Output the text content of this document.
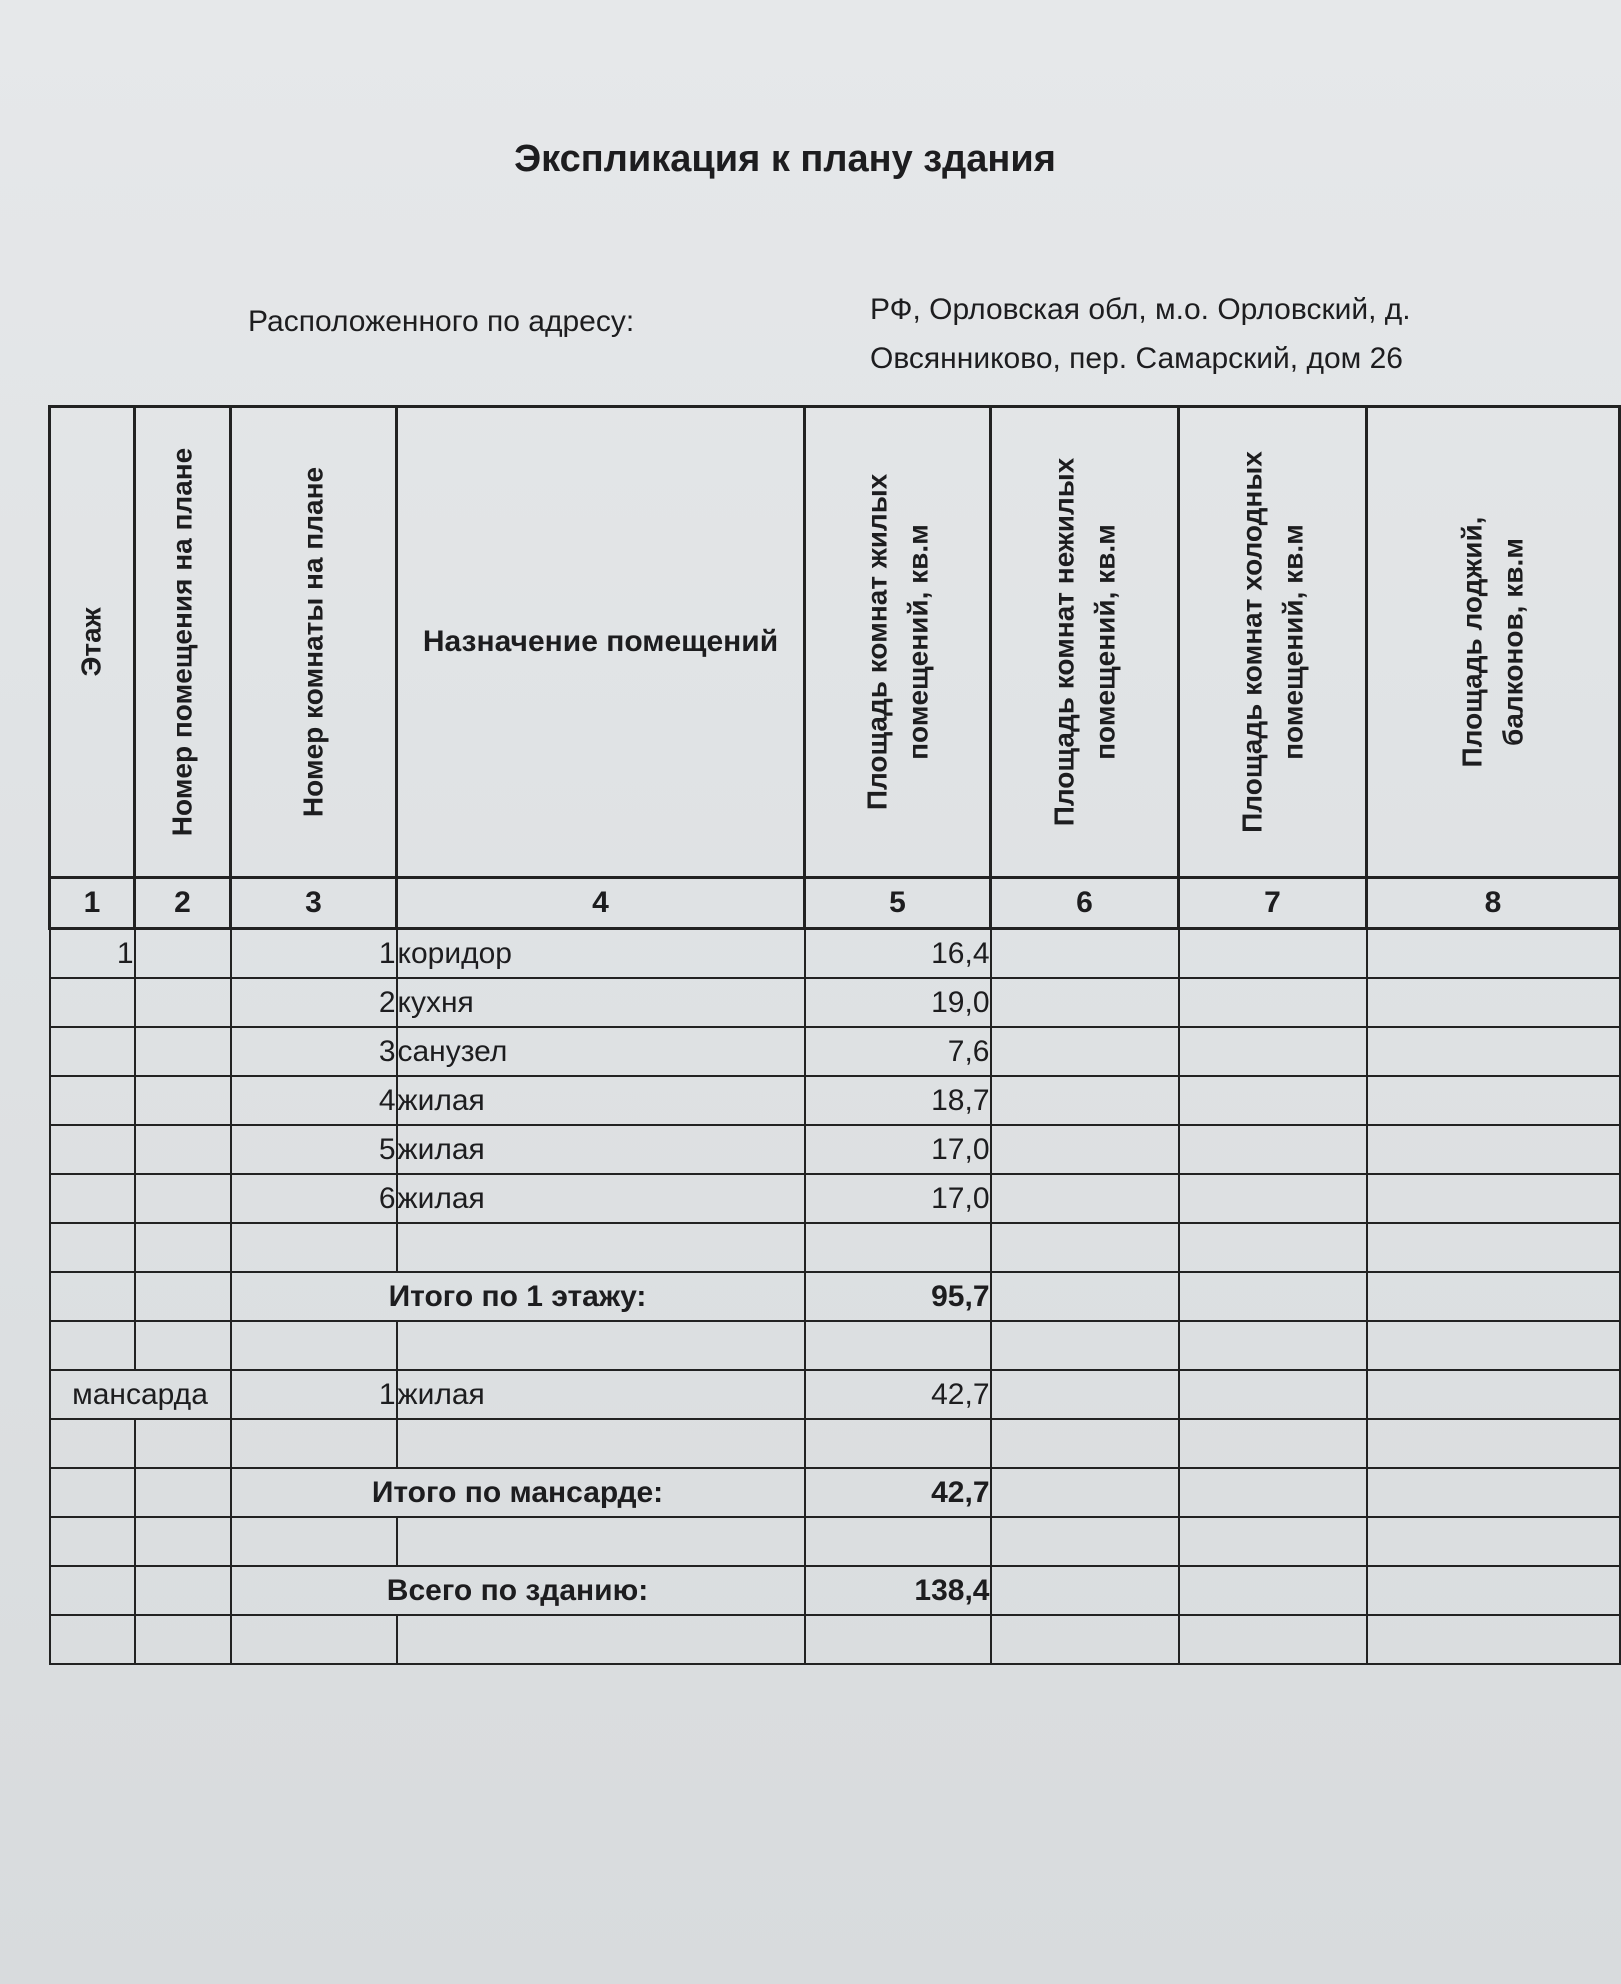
Экспликация к плану здания
Расположенного по адресу:	РФ, Орловская обл, м.о. Орловский, д.
Овсянниково, пер. Самарский, дом 26
Этаж	Номер помещения на плане	Номер комнаты на плане	Назначение помещений	Площадь комнат жилых помещений, кв.м	Площадь комнат нежилых помещений, кв.м	Площадь комнат холодных помещений, кв.м	Площадь лоджий, балконов, кв.м

1	2	3	4	5	6	7	8
1		1	коридор	16,4			
		2	кухня	19,0			
		3	санузел	7,6			
		4	жилая	18,7			
		5	жилая	17,0			
		6	жилая	17,0			

		Итого по 1 этажу:		95,7			

мансарда		1	жилая	42,7			

		Итого по мансарде:		42,7			

		Всего по зданию:		138,4			
